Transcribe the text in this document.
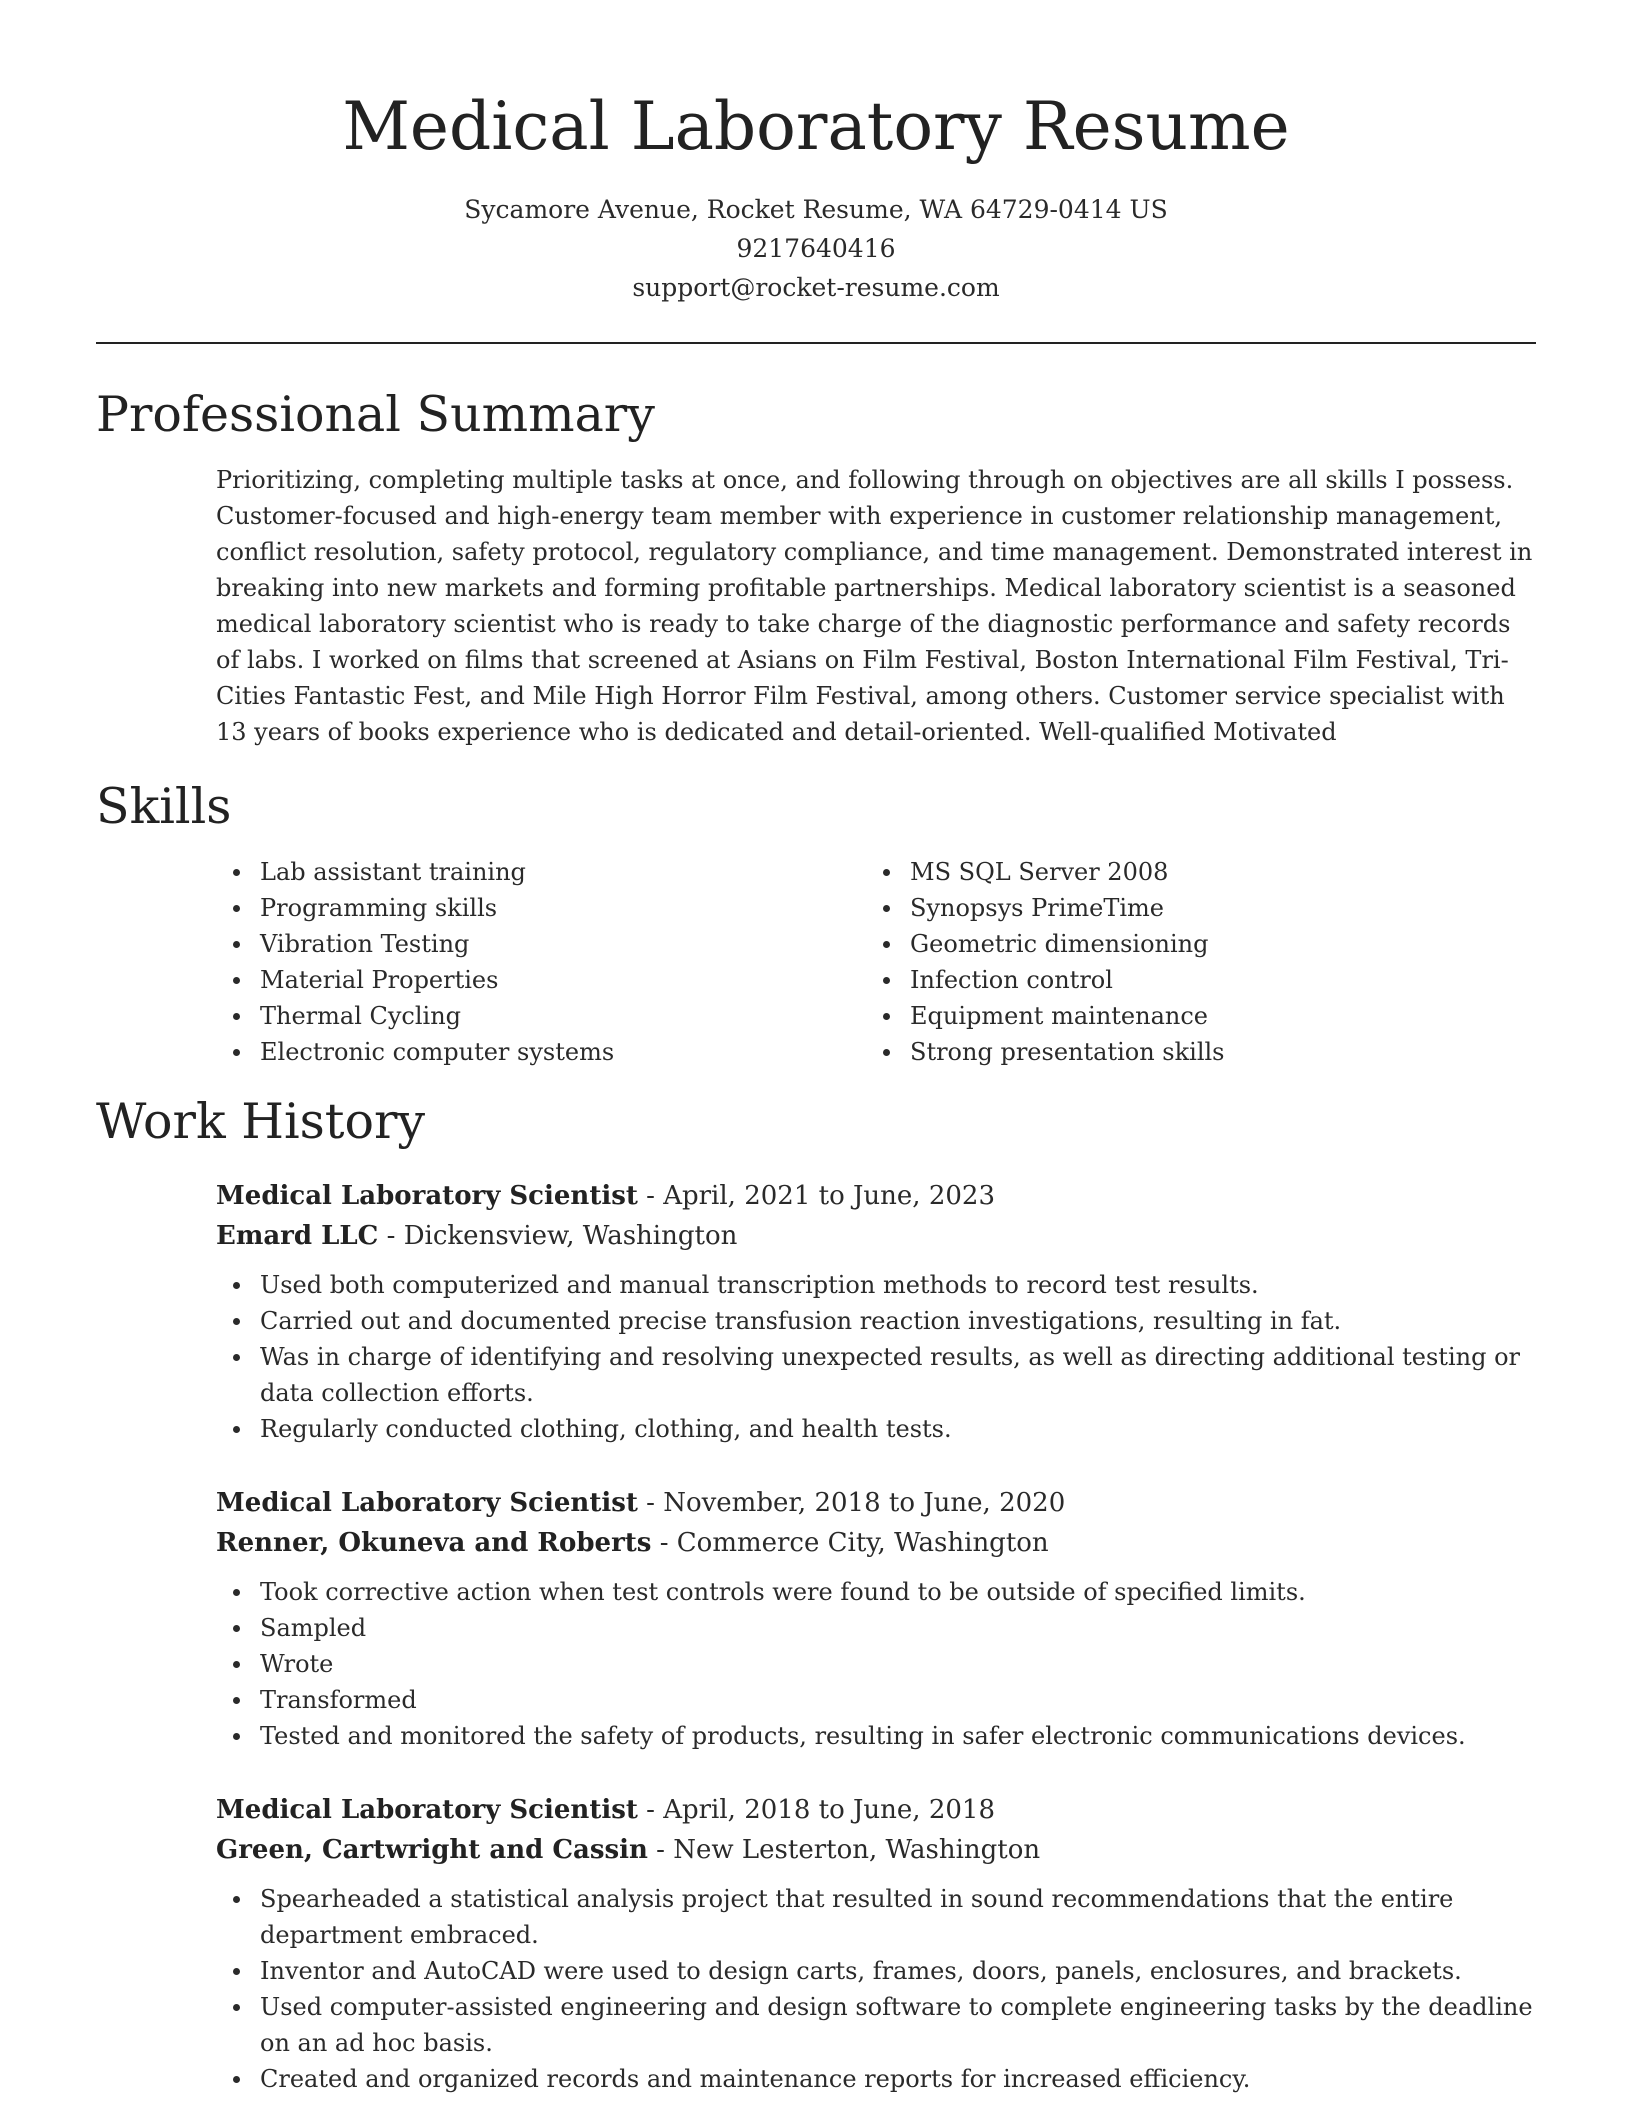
Medical Laboratory Resume
Sycamore Avenue, Rocket Resume, WA 64729-0414 US
9217640416
support@rocket-resume.com
Professional Summary
Prioritizing, completing multiple tasks at once, and following through on objectives are all skills I possess. Customer-focused and high-energy team member with experience in customer relationship management, conflict resolution, safety protocol, regulatory compliance, and time management. Demonstrated interest in breaking into new markets and forming profitable partnerships. Medical laboratory scientist is a seasoned medical laboratory scientist who is ready to take charge of the diagnostic performance and safety records of labs. I worked on films that screened at Asians on Film Festival, Boston International Film Festival, Tri-Cities Fantastic Fest, and Mile High Horror Film Festival, among others. Customer service specialist with 13 years of books experience who is dedicated and detail-oriented. Well-qualified Motivated
Skills
Lab assistant training
Programming skills
Vibration Testing
Material Properties
Thermal Cycling
Electronic computer systems
MS SQL Server 2008
Synopsys PrimeTime
Geometric dimensioning
Infection control
Equipment maintenance
Strong presentation skills
Work History
Medical Laboratory Scientist - April, 2021 to June, 2023
Emard LLC - Dickensview, Washington
Used both computerized and manual transcription methods to record test results.
Carried out and documented precise transfusion reaction investigations, resulting in fat.
Was in charge of identifying and resolving unexpected results, as well as directing additional testing or data collection efforts.
Regularly conducted clothing, clothing, and health tests.
Medical Laboratory Scientist - November, 2018 to June, 2020
Renner, Okuneva and Roberts - Commerce City, Washington
Took corrective action when test controls were found to be outside of specified limits.
Sampled
Wrote
Transformed
Tested and monitored the safety of products, resulting in safer electronic communications devices.
Medical Laboratory Scientist - April, 2018 to June, 2018
Green, Cartwright and Cassin - New Lesterton, Washington
Spearheaded a statistical analysis project that resulted in sound recommendations that the entire department embraced.
Inventor and AutoCAD were used to design carts, frames, doors, panels, enclosures, and brackets.
Used computer-assisted engineering and design software to complete engineering tasks by the deadline on an ad hoc basis.
Created and organized records and maintenance reports for increased efficiency.
